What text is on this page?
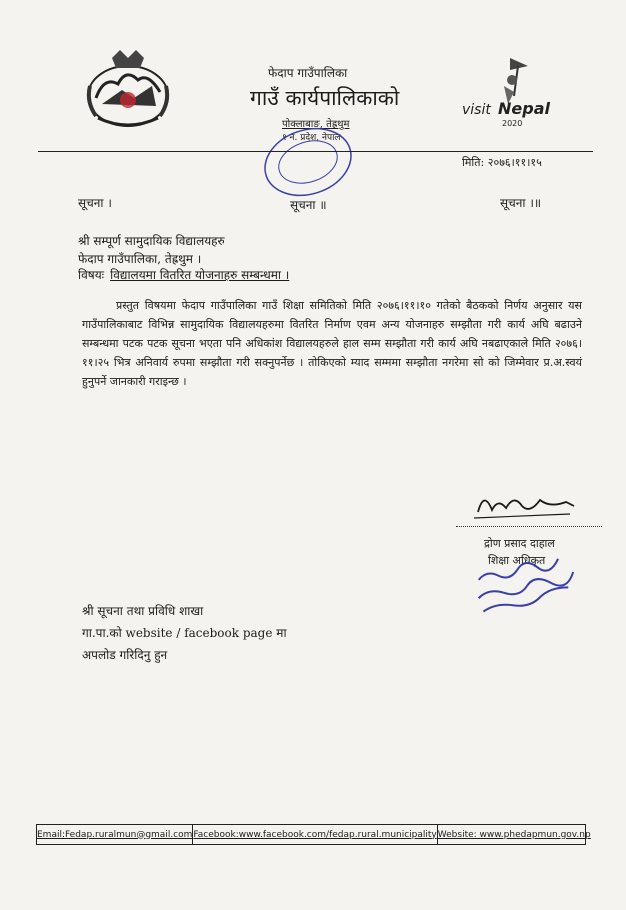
visit Nepal
2020
फेदाप गाउँपालिका
गाउँ कार्यपालिकाको
पोक्लाबाङ, तेह्रथुम
१ नं. प्रदेश, नेपाल
मिति: २०७६।११।१५
सूचना ।	सूचना ॥	सूचना ।॥
श्री सम्पूर्ण सामुदायिक विद्यालयहरु
फेदाप गाउँपालिका, तेह्रथुम ।
विषयः विद्यालयमा वितरित योजनाहरु सम्बन्धमा ।
प्रस्तुत विषयमा फेदाप गाउँपालिका गाउँ शिक्षा समितिको मिति २०७६।११।१० गतेको बैठकको निर्णय अनुसार यस गाउँपालिकाबाट विभिन्न सामुदायिक विद्यालयहरुमा वितरित निर्माण एवम अन्य योजनाहरु सम्झौता गरी कार्य अघि बढाउने सम्बन्धमा पटक पटक सूचना भएता पनि अधिकांश विद्यालयहरुले हाल सम्म सम्झौता गरी कार्य अघि नबढाएकाले मिति २०७६।११।२५ भित्र अनिवार्य रुपमा सम्झौता गरी सक्नुपर्नेछ । तोकिएको म्याद सम्ममा सम्झौता नगरेमा सो को जिम्मेवार प्र.अ.स्वयं हुनुपर्ने जानकारी गराइन्छ ।
द्रोण प्रसाद दाहाल
शिक्षा अधिकृत
श्री सूचना तथा प्रविधि शाखा
गा.पा.को website / facebook page मा
अपलोड गरिदिनु हुन
Email:Fedap.ruralmun@gmail.com Facebook:www.facebook.com/fedap.rural.municipality Website: www.phedapmun.gov.np
